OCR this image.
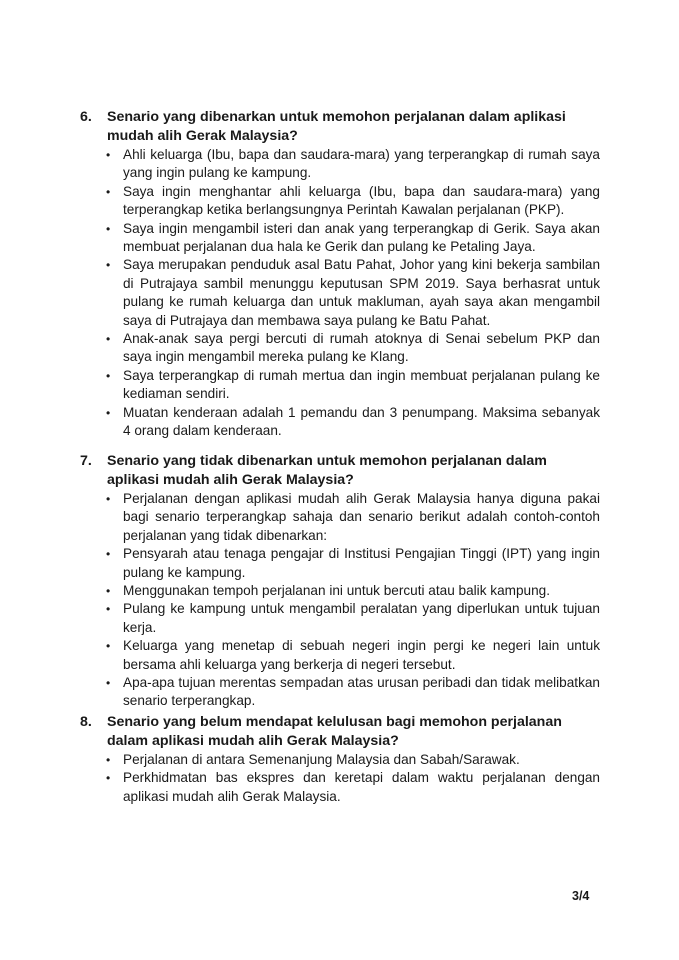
6. Senario yang dibenarkan untuk memohon perjalanan dalam aplikasi mudah alih Gerak Malaysia?
• Ahli keluarga (Ibu, bapa dan saudara-mara) yang terperangkap di rumah saya yang ingin pulang ke kampung.
• Saya ingin menghantar ahli keluarga (Ibu, bapa dan saudara-mara) yang terperangkap ketika berlangsungnya Perintah Kawalan perjalanan (PKP).
• Saya ingin mengambil isteri dan anak yang terperangkap di Gerik. Saya akan membuat perjalanan dua hala ke Gerik dan pulang ke Petaling Jaya.
• Saya merupakan penduduk asal Batu Pahat, Johor yang kini bekerja sambilan di Putrajaya sambil menunggu keputusan SPM 2019. Saya berhasrat untuk pulang ke rumah keluarga dan untuk makluman, ayah saya akan mengambil saya di Putrajaya dan membawa saya pulang ke Batu Pahat.
• Anak-anak saya pergi bercuti di rumah atoknya di Senai sebelum PKP dan saya ingin mengambil mereka pulang ke Klang.
• Saya terperangkap di rumah mertua dan ingin membuat perjalanan pulang ke kediaman sendiri.
• Muatan kenderaan adalah 1 pemandu dan 3 penumpang. Maksima sebanyak 4 orang dalam kenderaan.
7. Senario yang tidak dibenarkan untuk memohon perjalanan dalam aplikasi mudah alih Gerak Malaysia?
• Perjalanan dengan aplikasi mudah alih Gerak Malaysia hanya diguna pakai bagi senario terperangkap sahaja dan senario berikut adalah contoh-contoh perjalanan yang tidak dibenarkan:
• Pensyarah atau tenaga pengajar di Institusi Pengajian Tinggi (IPT) yang ingin pulang ke kampung.
• Menggunakan tempoh perjalanan ini untuk bercuti atau balik kampung.
• Pulang ke kampung untuk mengambil peralatan yang diperlukan untuk tujuan kerja.
• Keluarga yang menetap di sebuah negeri ingin pergi ke negeri lain untuk bersama ahli keluarga yang berkerja di negeri tersebut.
• Apa-apa tujuan merentas sempadan atas urusan peribadi dan tidak melibatkan senario terperangkap.
8. Senario yang belum mendapat kelulusan bagi memohon perjalanan dalam aplikasi mudah alih Gerak Malaysia?
• Perjalanan di antara Semenanjung Malaysia dan Sabah/Sarawak.
• Perkhidmatan bas ekspres dan keretapi dalam waktu perjalanan dengan aplikasi mudah alih Gerak Malaysia.
3/4
